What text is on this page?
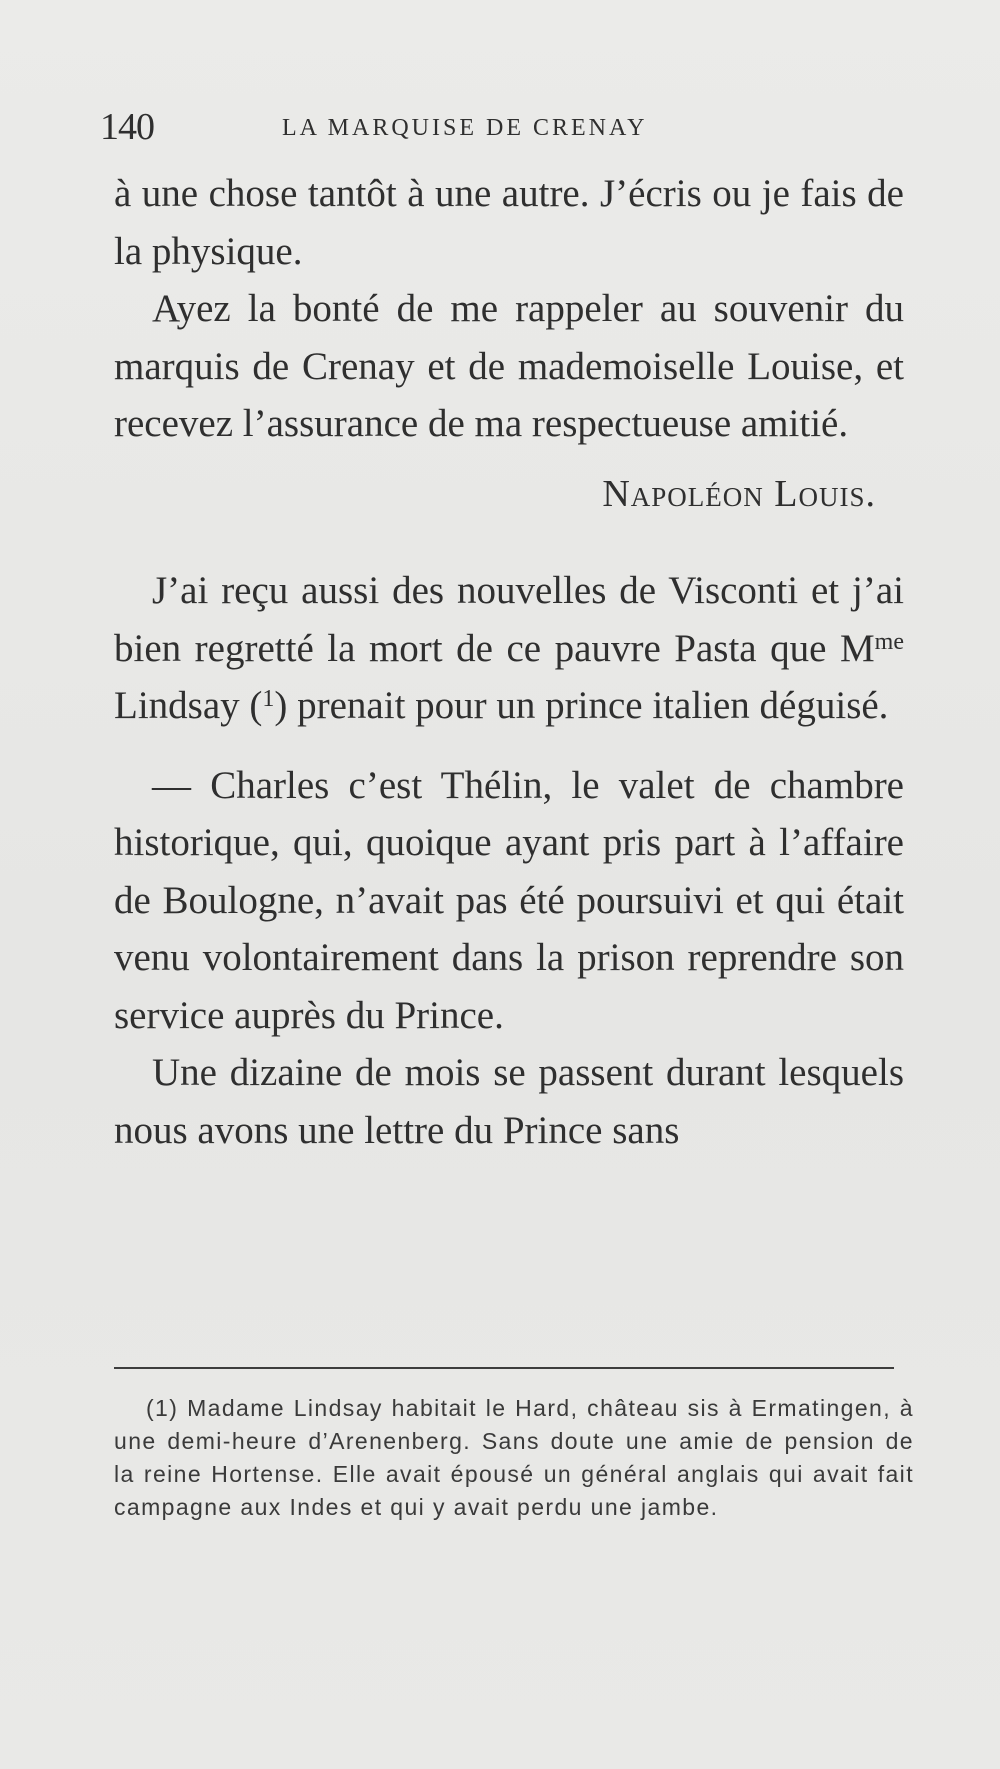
140	LA MARQUISE DE CRENAY

à une chose tantôt à une autre. J’écris ou je fais de la physique.

Ayez la bonté de me rappeler au souvenir du marquis de Crenay et de mademoiselle Louise, et recevez l’assurance de ma respectueuse amitié.

Napoléon Louis.

J’ai reçu aussi des nouvelles de Visconti et j’ai bien regretté la mort de ce pauvre Pasta que $M^{me}$ Lindsay ($^1$) prenait pour un prince italien déguisé.

— Charles c’est Thélin, le valet de chambre historique, qui, quoique ayant pris part à l’affaire de Boulogne, n’avait pas été poursuivi et qui était venu volontairement dans la prison reprendre son service auprès du Prince.

Une dizaine de mois se passent durant lesquels nous avons une lettre du Prince sans

(1) Madame Lindsay habitait le Hard, château sis à Ermatingen, à une demi-heure d’Arenenberg. Sans doute une amie de pension de la reine Hortense. Elle avait épousé un général anglais qui avait fait campagne aux Indes et qui y avait perdu une jambe.
